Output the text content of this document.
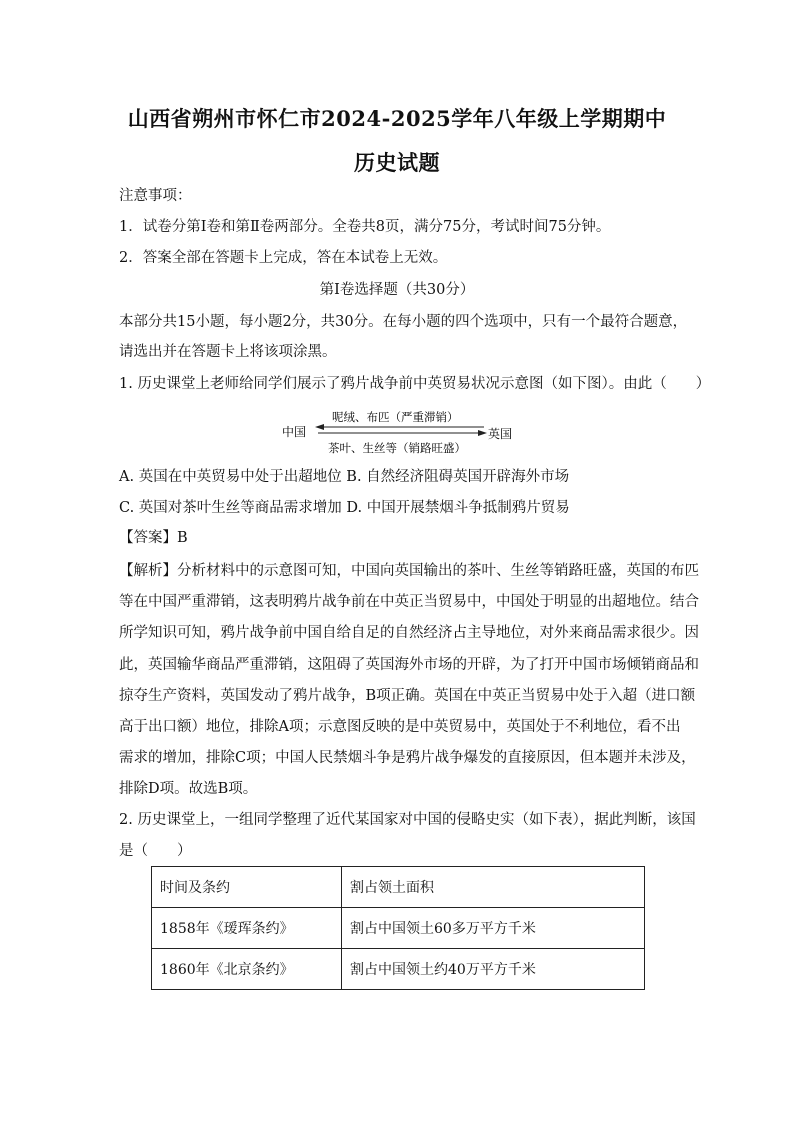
山西省朔州市怀仁市2024-2025学年八年级上学期期中
历史试题
注意事项：
1．试卷分第Ⅰ卷和第Ⅱ卷两部分。全卷共8页，满分75分，考试时间75分钟。
2．答案全部在答题卡上完成，答在本试卷上无效。
第Ⅰ卷选择题（共30分）
本部分共15小题，每小题2分，共30分。在每小题的四个选项中，只有一个最符合题意，
请选出并在答题卡上将该项涂黑。
1. 历史课堂上老师给同学们展示了鸦片战争前中英贸易状况示意图（如下图）。由此（　　）
中国	英国
呢绒、布匹（严重滞销）
茶叶、生丝等（销路旺盛）
A. 英国在中英贸易中处于出超地位 B. 自然经济阻碍英国开辟海外市场
C. 英国对茶叶生丝等商品需求增加 D. 中国开展禁烟斗争抵制鸦片贸易
【答案】B
【解析】分析材料中的示意图可知，中国向英国输出的茶叶、生丝等销路旺盛，英国的布匹
等在中国严重滞销，这表明鸦片战争前在中英正当贸易中，中国处于明显的出超地位。结合
所学知识可知，鸦片战争前中国自给自足的自然经济占主导地位，对外来商品需求很少。因
此，英国输华商品严重滞销，这阻碍了英国海外市场的开辟，为了打开中国市场倾销商品和
掠夺生产资料，英国发动了鸦片战争，B项正确。英国在中英正当贸易中处于入超（进口额
高于出口额）地位，排除A项；示意图反映的是中英贸易中，英国处于不利地位，看不出
需求的增加，排除C项；中国人民禁烟斗争是鸦片战争爆发的直接原因，但本题并未涉及，
排除D项。故选B项。
2. 历史课堂上，一组同学整理了近代某国家对中国的侵略史实（如下表），据此判断，该国
是（　　）
时间及条约	割占领土面积
1858年《瑷珲条约》	割占中国领土60多万平方千米
1860年《北京条约》	割占中国领土约40万平方千米
